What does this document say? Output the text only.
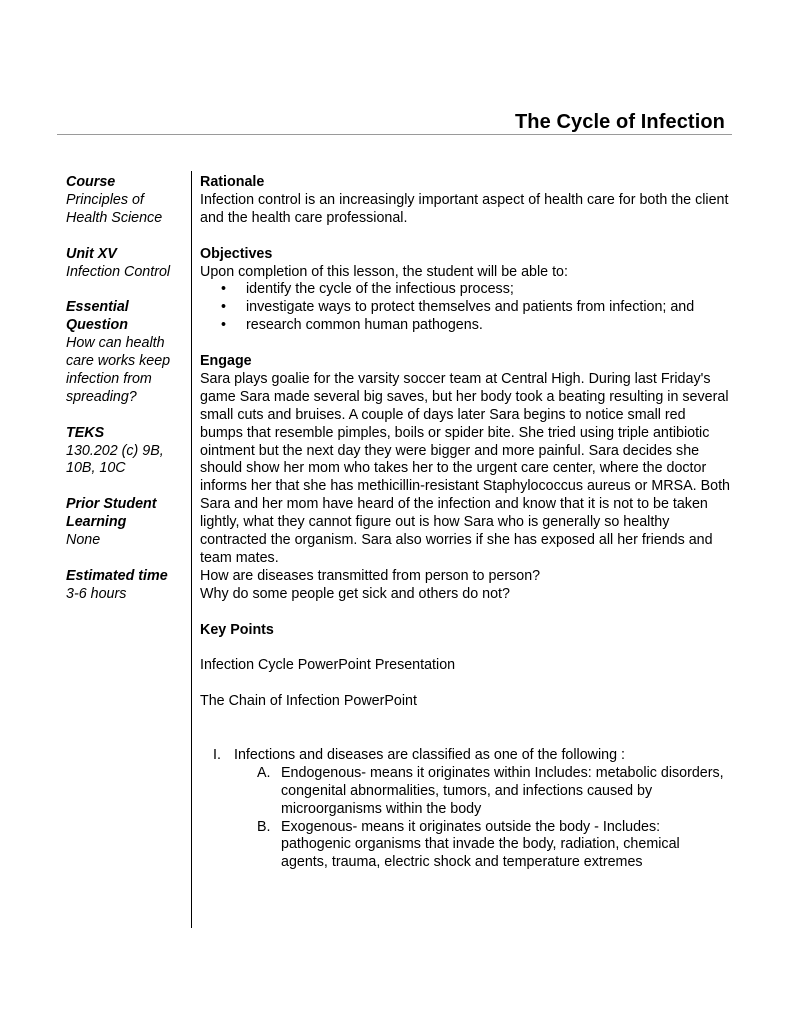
The Cycle of Infection
Course
Principles of Health Science
Unit XV
Infection Control
Essential Question
How can health care works keep infection from spreading?
TEKS
130.202 (c) 9B, 10B, 10C
Prior Student Learning
None
Estimated time
3-6 hours
Rationale

Infection control is an increasingly important aspect of health care for both the client and the health care professional.

Objectives

Upon completion of this lesson, the student will be able to:

• identify the cycle of the infectious process;
• investigate ways to protect themselves and patients from infection; and
• research common human pathogens.
Engage

Sara plays goalie for the varsity soccer team at Central High. During last Friday's game Sara made several big saves, but her body took a beating resulting in several small cuts and bruises. A couple of days later Sara begins to notice small red bumps that resemble pimples, boils or spider bite. She tried using triple antibiotic ointment but the next day they were bigger and more painful. Sara decides she should show her mom who takes her to the urgent care center, where the doctor informs her that she has methicillin-resistant Staphylococcus aureus or MRSA. Both Sara and her mom have heard of the infection and know that it is not to be taken lightly, what they cannot figure out is how Sara who is generally so healthy contracted the organism. Sara also worries if she has exposed all her friends and team mates.

How are diseases transmitted from person to person?

Why do some people get sick and others do not?

Key Points

Infection Cycle PowerPoint Presentation

The Chain of Infection PowerPoint

I. Infections and diseases are classified as one of the following :
A. Endogenous- means it originates within Includes: metabolic disorders, congenital abnormalities, tumors, and infections caused by microorganisms within the body
B. Exogenous- means it originates outside the body - Includes: pathogenic organisms that invade the body, radiation, chemical agents, trauma, electric shock and temperature extremes
